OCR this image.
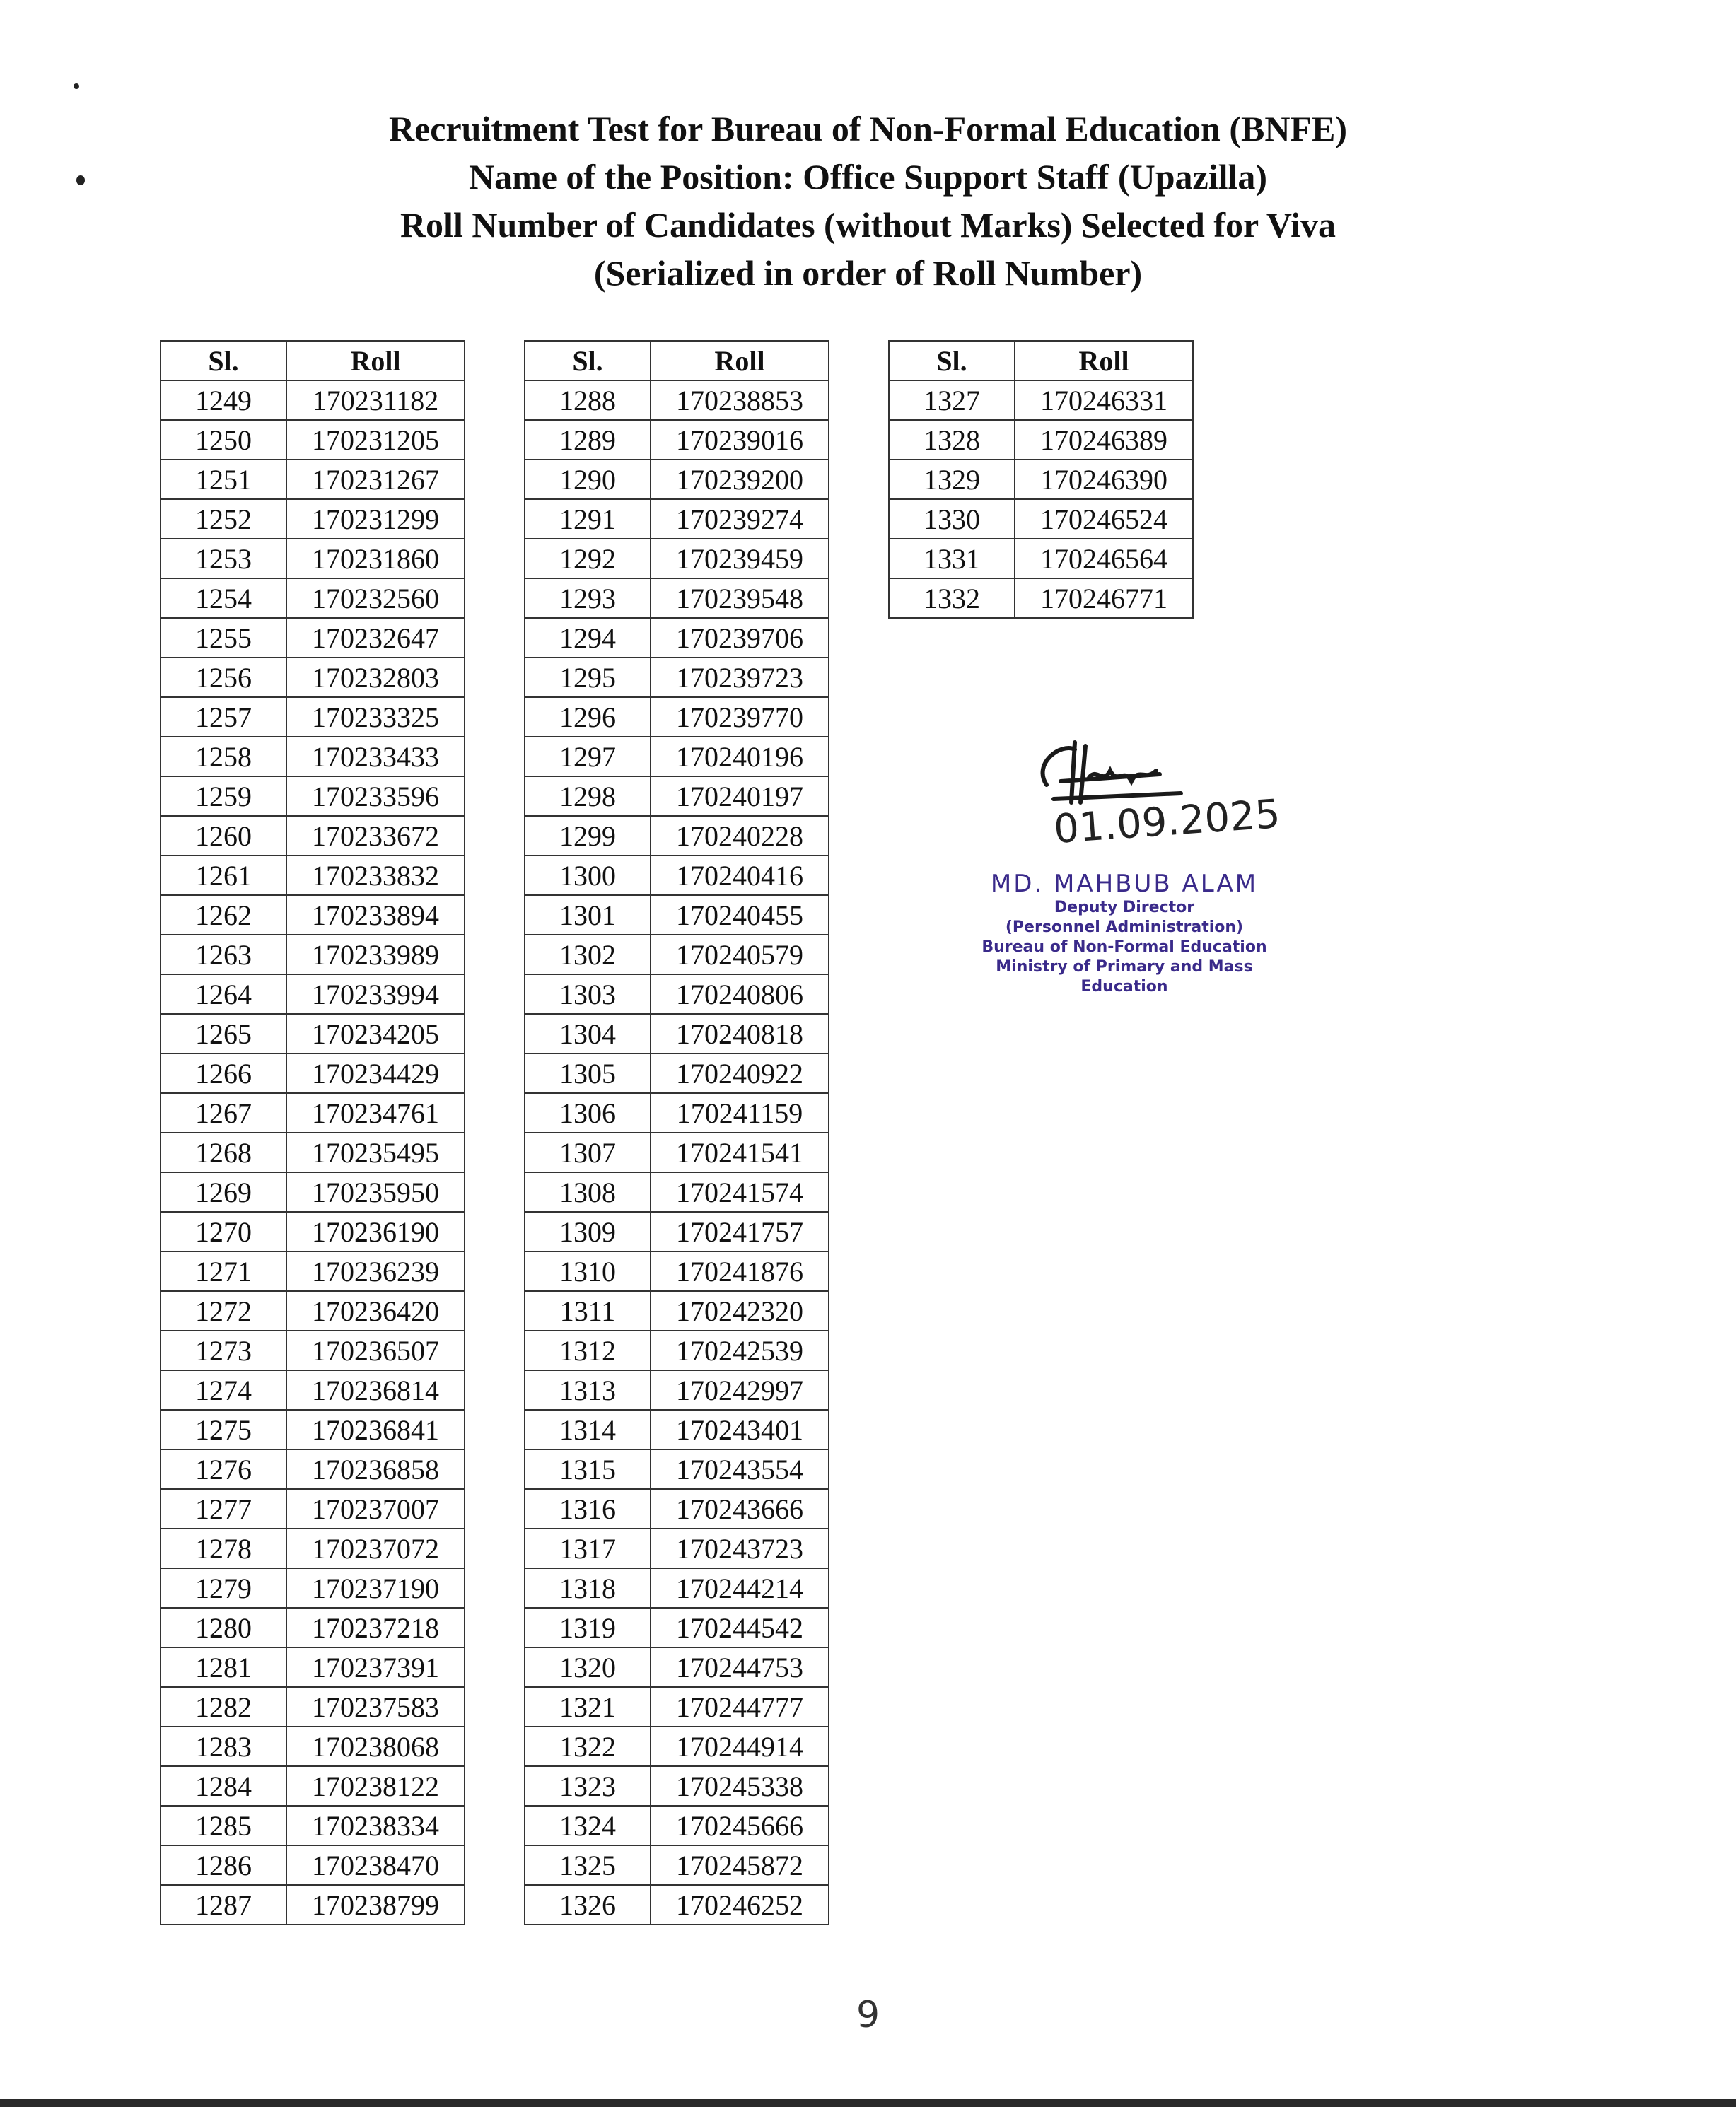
Recruitment Test for Bureau of Non-Formal Education (BNFE)
Name of the Position: Office Support Staff (Upazilla)
Roll Number of Candidates (without Marks) Selected for Viva
(Serialized in order of Roll Number)
Sl.	Roll
1249	170231182
1250	170231205
1251	170231267
1252	170231299
1253	170231860
1254	170232560
1255	170232647
1256	170232803
1257	170233325
1258	170233433
1259	170233596
1260	170233672
1261	170233832
1262	170233894
1263	170233989
1264	170233994
1265	170234205
1266	170234429
1267	170234761
1268	170235495
1269	170235950
1270	170236190
1271	170236239
1272	170236420
1273	170236507
1274	170236814
1275	170236841
1276	170236858
1277	170237007
1278	170237072
1279	170237190
1280	170237218
1281	170237391
1282	170237583
1283	170238068
1284	170238122
1285	170238334
1286	170238470
1287	170238799
Sl.	Roll
1288	170238853
1289	170239016
1290	170239200
1291	170239274
1292	170239459
1293	170239548
1294	170239706
1295	170239723
1296	170239770
1297	170240196
1298	170240197
1299	170240228
1300	170240416
1301	170240455
1302	170240579
1303	170240806
1304	170240818
1305	170240922
1306	170241159
1307	170241541
1308	170241574
1309	170241757
1310	170241876
1311	170242320
1312	170242539
1313	170242997
1314	170243401
1315	170243554
1316	170243666
1317	170243723
1318	170244214
1319	170244542
1320	170244753
1321	170244777
1322	170244914
1323	170245338
1324	170245666
1325	170245872
1326	170246252
Sl.	Roll
1327	170246331
1328	170246389
1329	170246390
1330	170246524
1331	170246564
1332	170246771
01.09.2025
MD. MAHBUB ALAM
Deputy Director
(Personnel Administration)
Bureau of Non-Formal Education
Ministry of Primary and Mass Education
9
